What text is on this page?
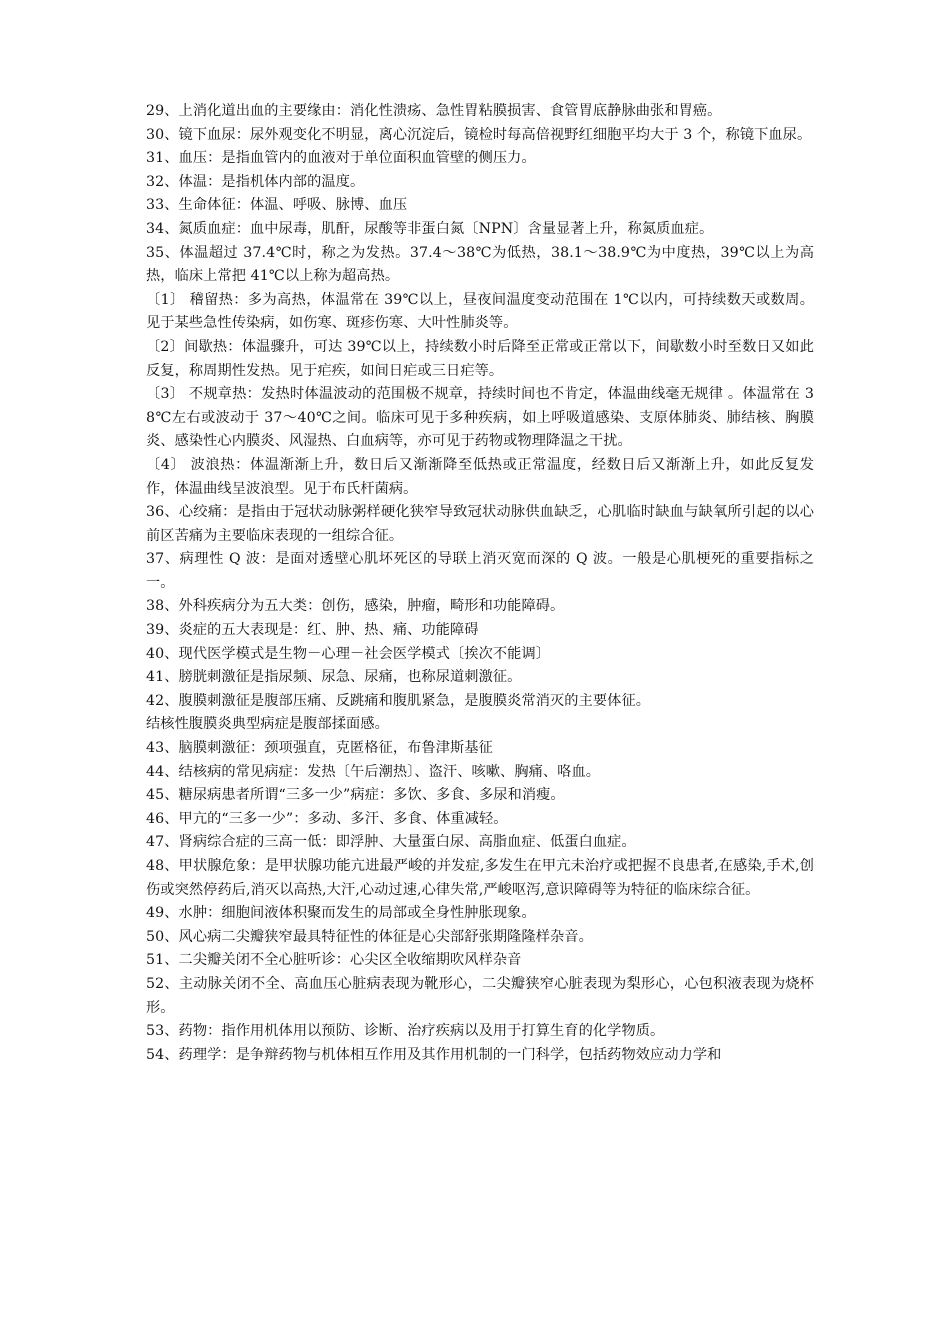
29、上消化道出血的主要缘由：消化性溃疡、急性胃粘膜损害、食管胃底静脉曲张和胃癌。

30、镜下血尿：尿外观变化不明显，离心沉淀后，镜检时每高倍视野红细胞平均大于 3 个，称镜下血尿。

31、血压：是指血管内的血液对于单位面积血管壁的侧压力。

32、体温：是指机体内部的温度。

33、生命体征：体温、呼吸、脉博、血压

34、氮质血症：血中尿毒，肌酐，尿酸等非蛋白氮〔NPN〕含量显著上升，称氮质血症。

35、体温超过 37.4℃时，称之为发热。37.4～38℃为低热，38.1～38.9℃为中度热，39℃以上为高热，临床上常把 41℃以上称为超高热。

〔1〕 稽留热：多为高热，体温常在 39℃以上，昼夜间温度变动范围在 1℃以内，可持续数天或数周。见于某些急性传染病，如伤寒、斑疹伤寒、大叶性肺炎等。

〔2〕间歇热：体温骤升，可达 39℃以上，持续数小时后降至正常或正常以下，间歇数小时至数日又如此反复，称周期性发热。见于疟疾，如间日疟或三日疟等。

〔3〕 不规章热：发热时体温波动的范围极不规章，持续时间也不肯定，体温曲线毫无规律 。体温常在 38℃左右或波动于 37～40℃之间。临床可见于多种疾病，如上呼吸道感染、支原体肺炎、肺结核、胸膜炎、感染性心内膜炎、风湿热、白血病等，亦可见于药物或物理降温之干扰。

〔4〕 波浪热：体温渐渐上升，数日后又渐渐降至低热或正常温度，经数日后又渐渐上升，如此反复发作，体温曲线呈波浪型。见于布氏杆菌病。

36、心绞痛：是指由于冠状动脉粥样硬化狭窄导致冠状动脉供血缺乏，心肌临时缺血与缺氧所引起的以心前区苦痛为主要临床表现的一组综合征。

37、病理性 Q 波：是面对透壁心肌坏死区的导联上消灭宽而深的 Q 波。一般是心肌梗死的重要指标之一。

38、外科疾病分为五大类：创伤，感染，肿瘤，畸形和功能障碍。

39、炎症的五大表现是：红、肿、热、痛、功能障碍

40、现代医学模式是生物－心理－社会医学模式〔挨次不能调〕

41、膀胱刺激征是指尿频、尿急、尿痛，也称尿道刺激征。

42、腹膜刺激征是腹部压痛、反跳痛和腹肌紧急，是腹膜炎常消灭的主要体征。

结核性腹膜炎典型病症是腹部揉面感。

43、脑膜刺激征：颈项强直，克匿格征，布鲁津斯基征

44、结核病的常见病症：发热〔午后潮热〕、盗汗、咳嗽、胸痛、咯血。

45、糖尿病患者所谓“三多一少”病症：多饮、多食、多尿和消瘦。

46、甲亢的“三多一少”：多动、多汗、多食、体重减轻。

47、肾病综合症的三高一低：即浮肿、大量蛋白尿、高脂血症、低蛋白血症。

48、甲状腺危象：是甲状腺功能亢进最严峻的并发症,多发生在甲亢未治疗或把握不良患者,在感染,手术,创伤或突然停药后,消灭以高热,大汗,心动过速,心律失常,严峻呕泻,意识障碍等为特征的临床综合征。

49、水肿：细胞间液体积聚而发生的局部或全身性肿胀现象。

50、风心病二尖瓣狭窄最具特征性的体征是心尖部舒张期隆隆样杂音。

51、二尖瓣关闭不全心脏听诊：心尖区全收缩期吹风样杂音

52、主动脉关闭不全、高血压心脏病表现为靴形心，二尖瓣狭窄心脏表现为梨形心，心包积液表现为烧杯形。

53、药物：指作用机体用以预防、诊断、治疗疾病以及用于打算生育的化学物质。

54、药理学：是争辩药物与机体相互作用及其作用机制的一门科学，包括药物效应动力学和
